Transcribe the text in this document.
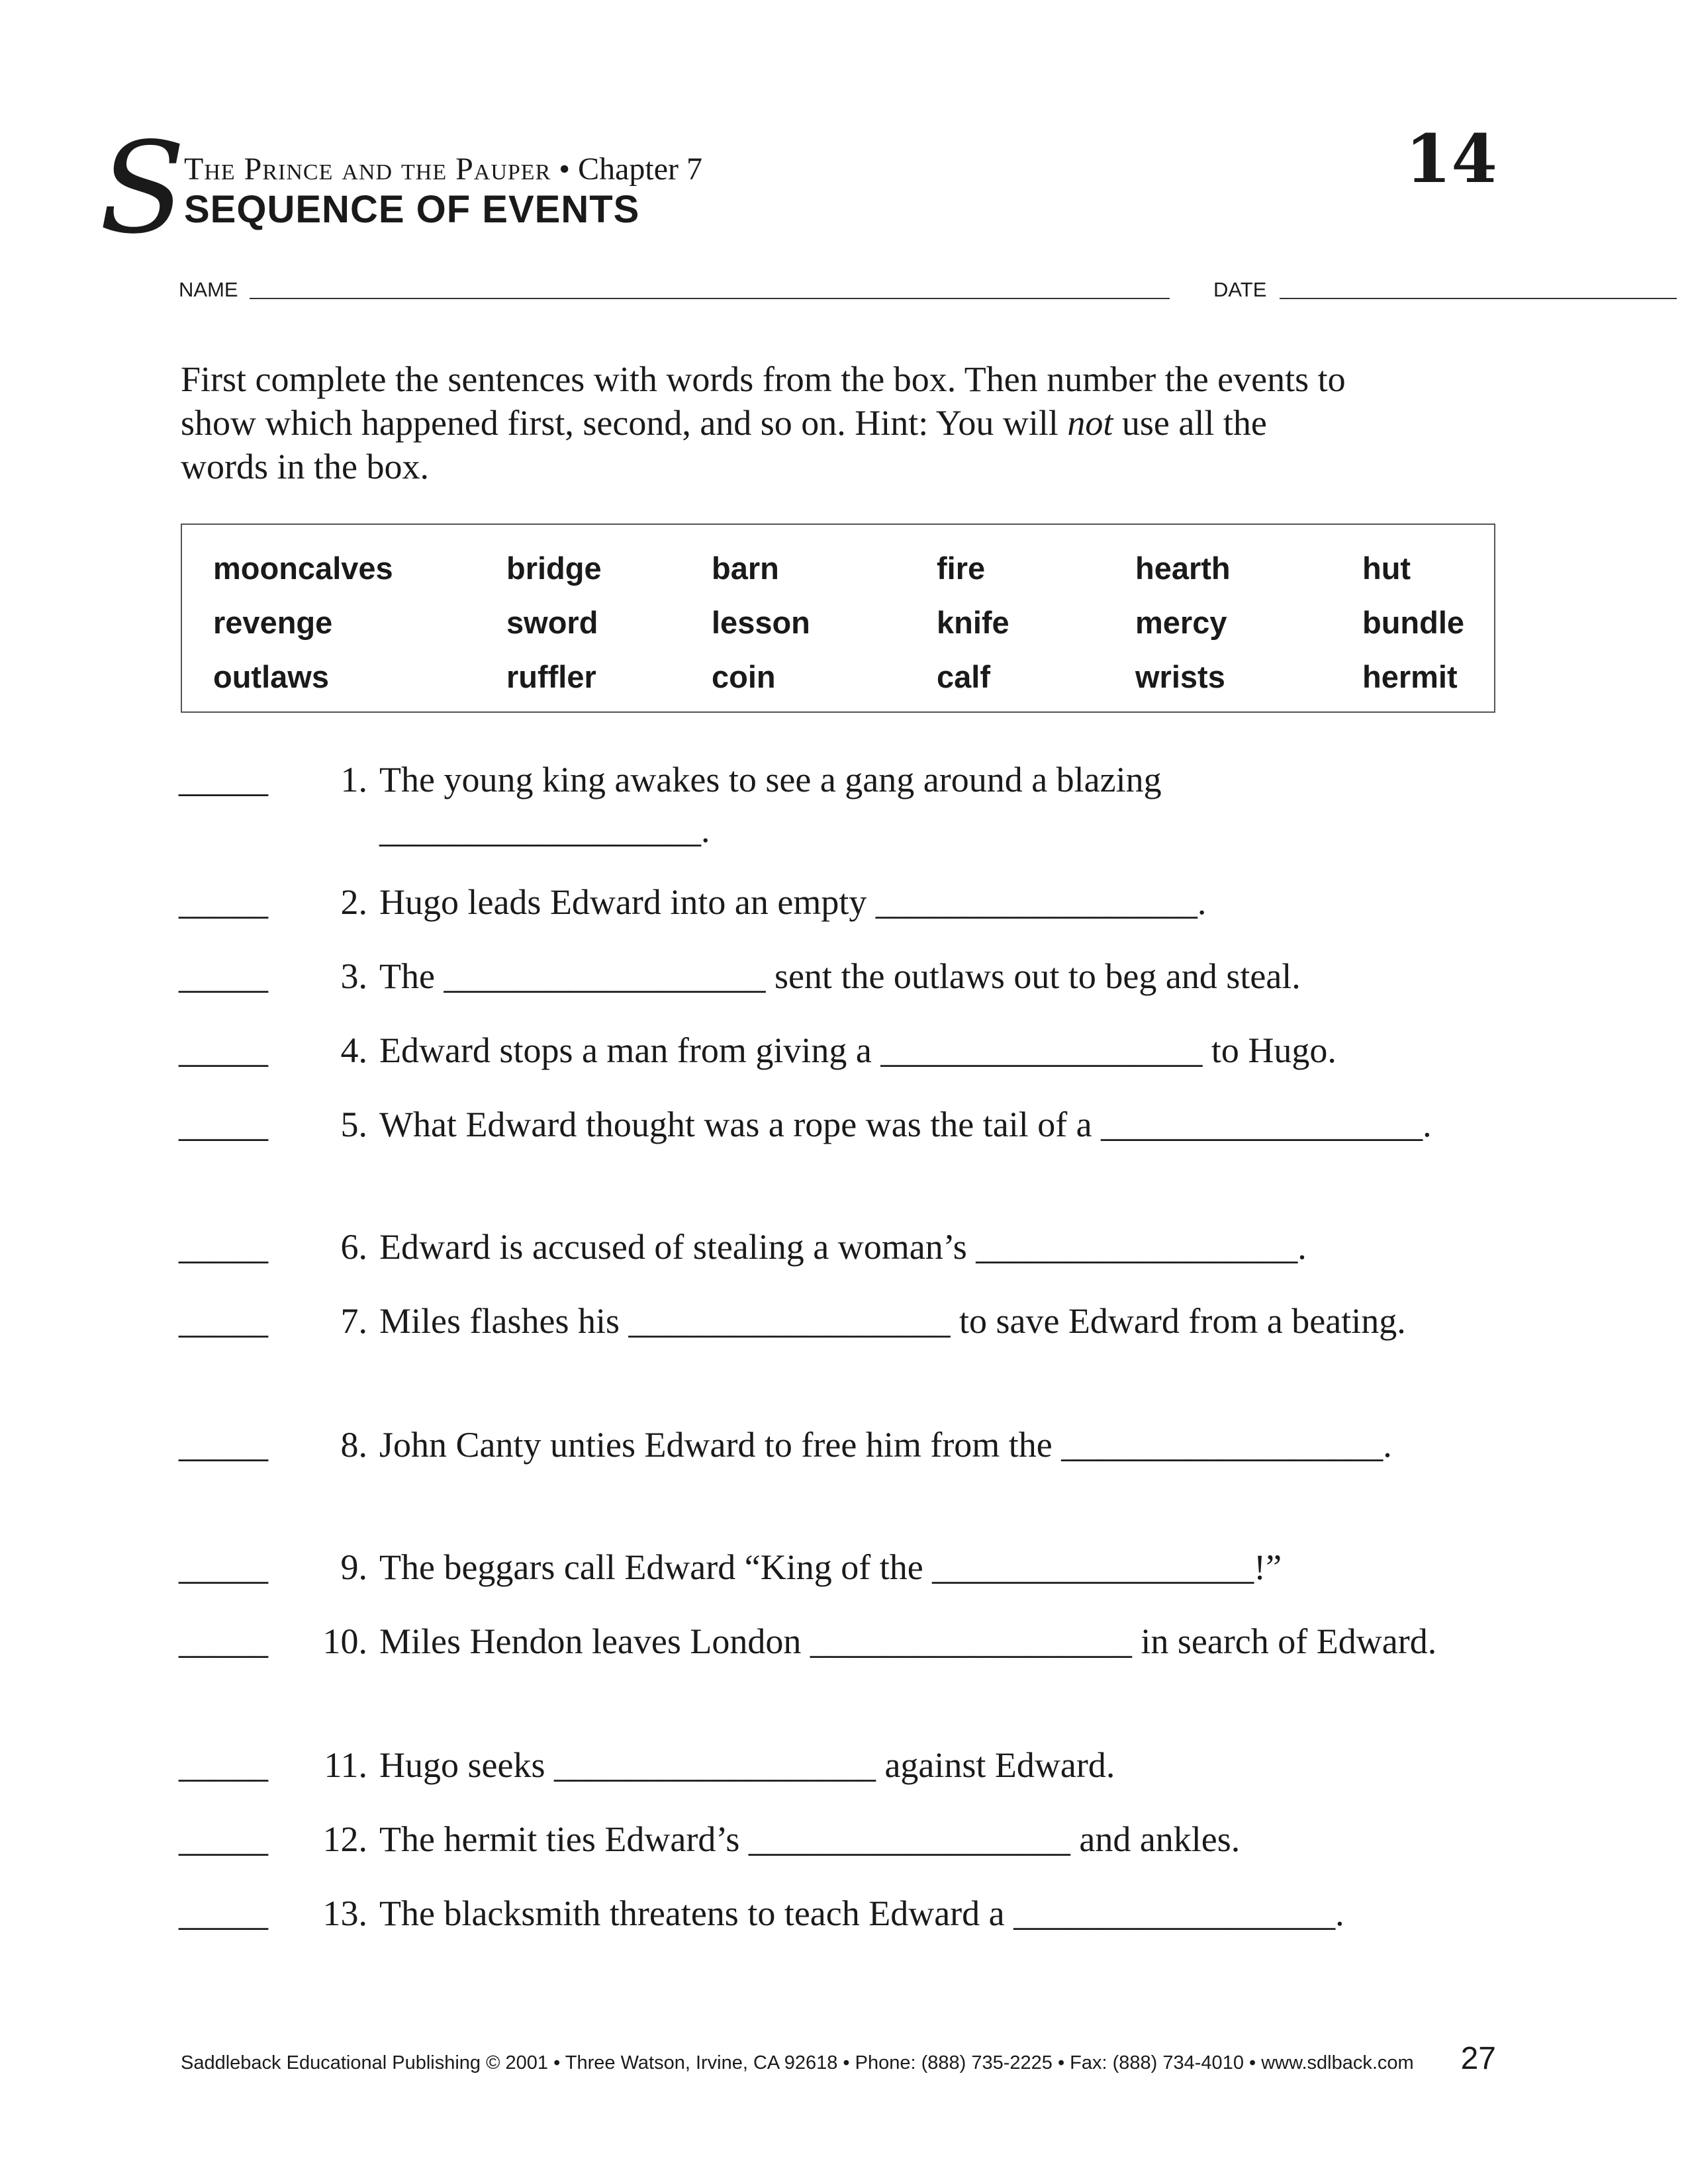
S
The Prince and the Pauper • Chapter 7
SEQUENCE OF EVENTS
14
NAME	DATE
First complete the sentences with words from the box. Then number the events to show which happened first, second, and so on. Hint: You will not use all the words in the box.
mooncalves	bridge	barn	fire	hearth	hut
revenge	sword	lesson	knife	mercy	bundle
outlaws	ruffler	coin	calf	wrists	hermit
_____	1. The young king awakes to see a gang around a blazing __________________.
_____	2. Hugo leads Edward into an empty __________________.
_____	3. The __________________ sent the outlaws out to beg and steal.
_____	4. Edward stops a man from giving a __________________ to Hugo.
_____	5. What Edward thought was a rope was the tail of a __________________.
_____	6. Edward is accused of stealing a woman’s __________________.
_____	7. Miles flashes his __________________ to save Edward from a beating.
_____	8. John Canty unties Edward to free him from the __________________.
_____	9. The beggars call Edward “King of the __________________!”
_____	10. Miles Hendon leaves London __________________ in search of Edward.
_____	11. Hugo seeks __________________ against Edward.
_____	12. The hermit ties Edward’s __________________ and ankles.
_____	13. The blacksmith threatens to teach Edward a __________________.
Saddleback Educational Publishing © 2001 • Three Watson, Irvine, CA 92618 • Phone: (888) 735-2225 • Fax: (888) 734-4010 • www.sdlback.com 27
